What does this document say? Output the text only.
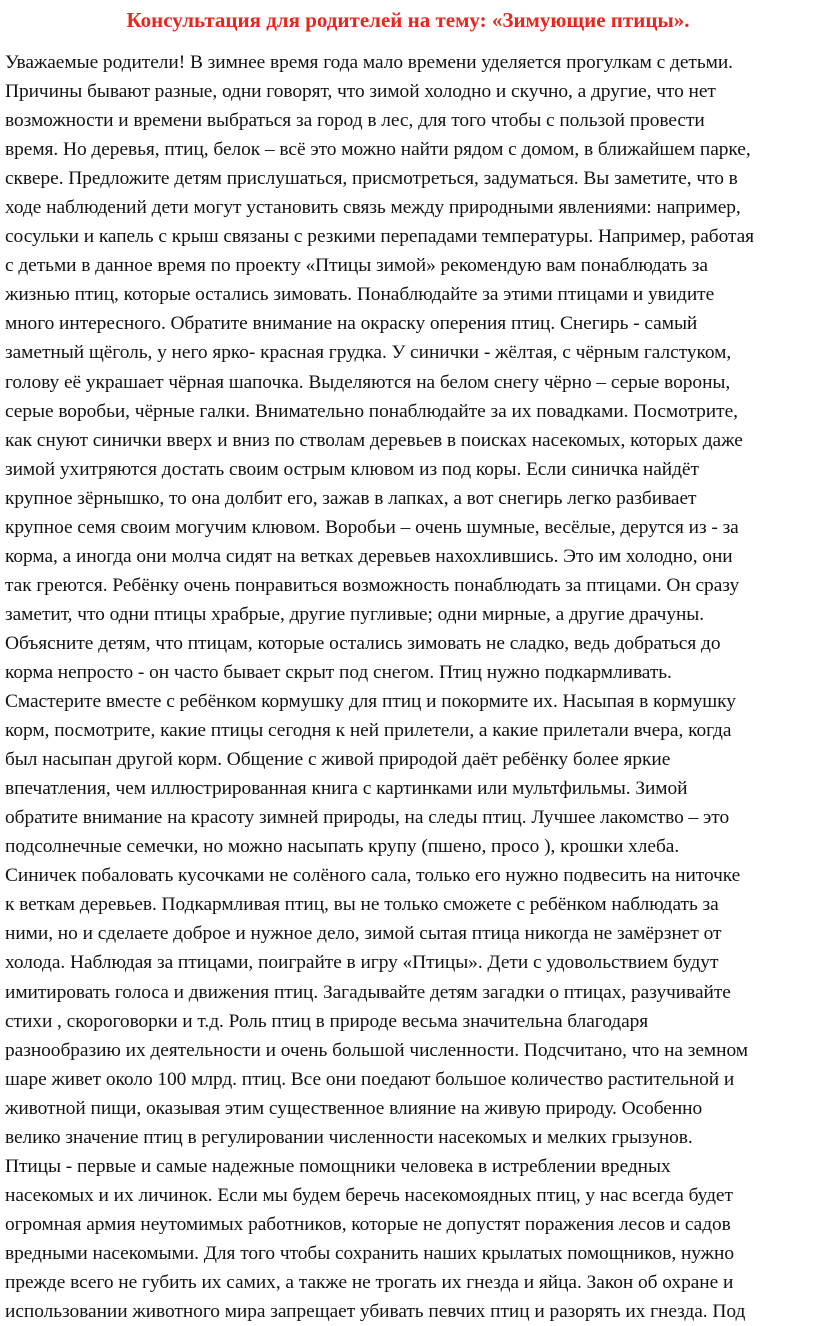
Консультация для родителей на тему: «Зимующие птицы».
Уважаемые родители! В зимнее время года мало времени уделяется прогулкам с детьми.
Причины бывают разные, одни говорят, что зимой холодно и скучно, а другие, что нет
возможности и времени выбраться за город в лес, для того чтобы с пользой провести
время. Но деревья, птиц, белок – всё это можно найти рядом с домом, в ближайшем парке,
сквере. Предложите детям прислушаться, присмотреться, задуматься. Вы заметите, что в
ходе наблюдений дети могут установить связь между природными явлениями: например,
сосульки и капель с крыш связаны с резкими перепадами температуры. Например, работая
с детьми в данное время по проекту «Птицы зимой» рекомендую вам понаблюдать за
жизнью птиц, которые остались зимовать. Понаблюдайте за этими птицами и увидите
много интересного. Обратите внимание на окраску оперения птиц. Снегирь - самый
заметный щёголь, у него ярко- красная грудка. У синички - жёлтая, с чёрным галстуком,
голову её украшает чёрная шапочка. Выделяются на белом снегу чёрно – серые вороны,
серые воробьи, чёрные галки. Внимательно понаблюдайте за их повадками. Посмотрите,
как снуют синички вверх и вниз по стволам деревьев в поисках насекомых, которых даже
зимой ухитряются достать своим острым клювом из под коры. Если синичка найдёт
крупное зёрнышко, то она долбит его, зажав в лапках, а вот снегирь легко разбивает
крупное семя своим могучим клювом. Воробьи – очень шумные, весёлые, дерутся из - за
корма, а иногда они молча сидят на ветках деревьев нахохлившись. Это им холодно, они
так греются. Ребёнку очень понравиться возможность понаблюдать за птицами. Он сразу
заметит, что одни птицы храбрые, другие пугливые; одни мирные, а другие драчуны.
Объясните детям, что птицам, которые остались зимовать не сладко, ведь добраться до
корма непросто - он часто бывает скрыт под снегом. Птиц нужно подкармливать.
Смастерите вместе с ребёнком кормушку для птиц и покормите их. Насыпая в кормушку
корм, посмотрите, какие птицы сегодня к ней прилетели, а какие прилетали вчера, когда
был насыпан другой корм. Общение с живой природой даёт ребёнку более яркие
впечатления, чем иллюстрированная книга с картинками или мультфильмы. Зимой
обратите внимание на красоту зимней природы, на следы птиц. Лучшее лакомство – это
подсолнечные семечки, но можно насыпать крупу (пшено, просо ), крошки хлеба.
Синичек побаловать кусочками не солёного сала, только его нужно подвесить на ниточке
к веткам деревьев. Подкармливая птиц, вы не только сможете с ребёнком наблюдать за
ними, но и сделаете доброе и нужное дело, зимой сытая птица никогда не замёрзнет от
холода. Наблюдая за птицами, поиграйте в игру «Птицы». Дети с удовольствием будут
имитировать голоса и движения птиц. Загадывайте детям загадки о птицах, разучивайте
стихи , скороговорки и т.д. Роль птиц в природе весьма значительна благодаря
разнообразию их деятельности и очень большой численности. Подсчитано, что на земном
шаре живет около 100 млрд. птиц. Все они поедают большое количество растительной и
животной пищи, оказывая этим существенное влияние на живую природу. Особенно
велико значение птиц в регулировании численности насекомых и мелких грызунов.
Птицы - первые и самые надежные помощники человека в истреблении вредных
насекомых и их личинок. Если мы будем беречь насекомоядных птиц, у нас всегда будет
огромная армия неутомимых работников, которые не допустят поражения лесов и садов
вредными насекомыми. Для того чтобы сохранить наших крылатых помощников, нужно
прежде всего не губить их самих, а также не трогать их гнезда и яйца. Закон об охране и
использовании животного мира запрещает убивать певчих птиц и разорять их гнезда. Под
